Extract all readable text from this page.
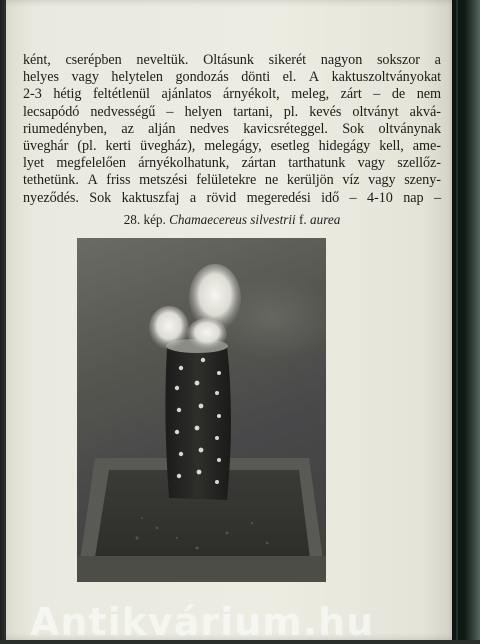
ként, cserépben neveltük. Oltásunk sikerét nagyon sokszor a
helyes vagy helytelen gondozás dönti el. A kaktuszoltványokat
2-3 hétig feltétlenül ajánlatos árnyékolt, meleg, zárt – de nem
lecsapódó nedvességű – helyen tartani, pl. kevés oltványt akvá-
riumedényben, az alján nedves kavicsréteggel. Sok oltványnak
üveghár (pl. kerti üvegház), melegágy, esetleg hidegágy kell, ame-
lyet megfelelően árnyékolhatunk, zártan tarthatunk vagy szellőz-
tethetünk. A friss metszési felületekre ne kerüljön víz vagy szeny-
nyeződés. Sok kaktuszfaj a rövid megeredési idő – 4-10 nap –
28. kép. Chamaecereus silvestrii f. aurea
Antikvárium.hu
